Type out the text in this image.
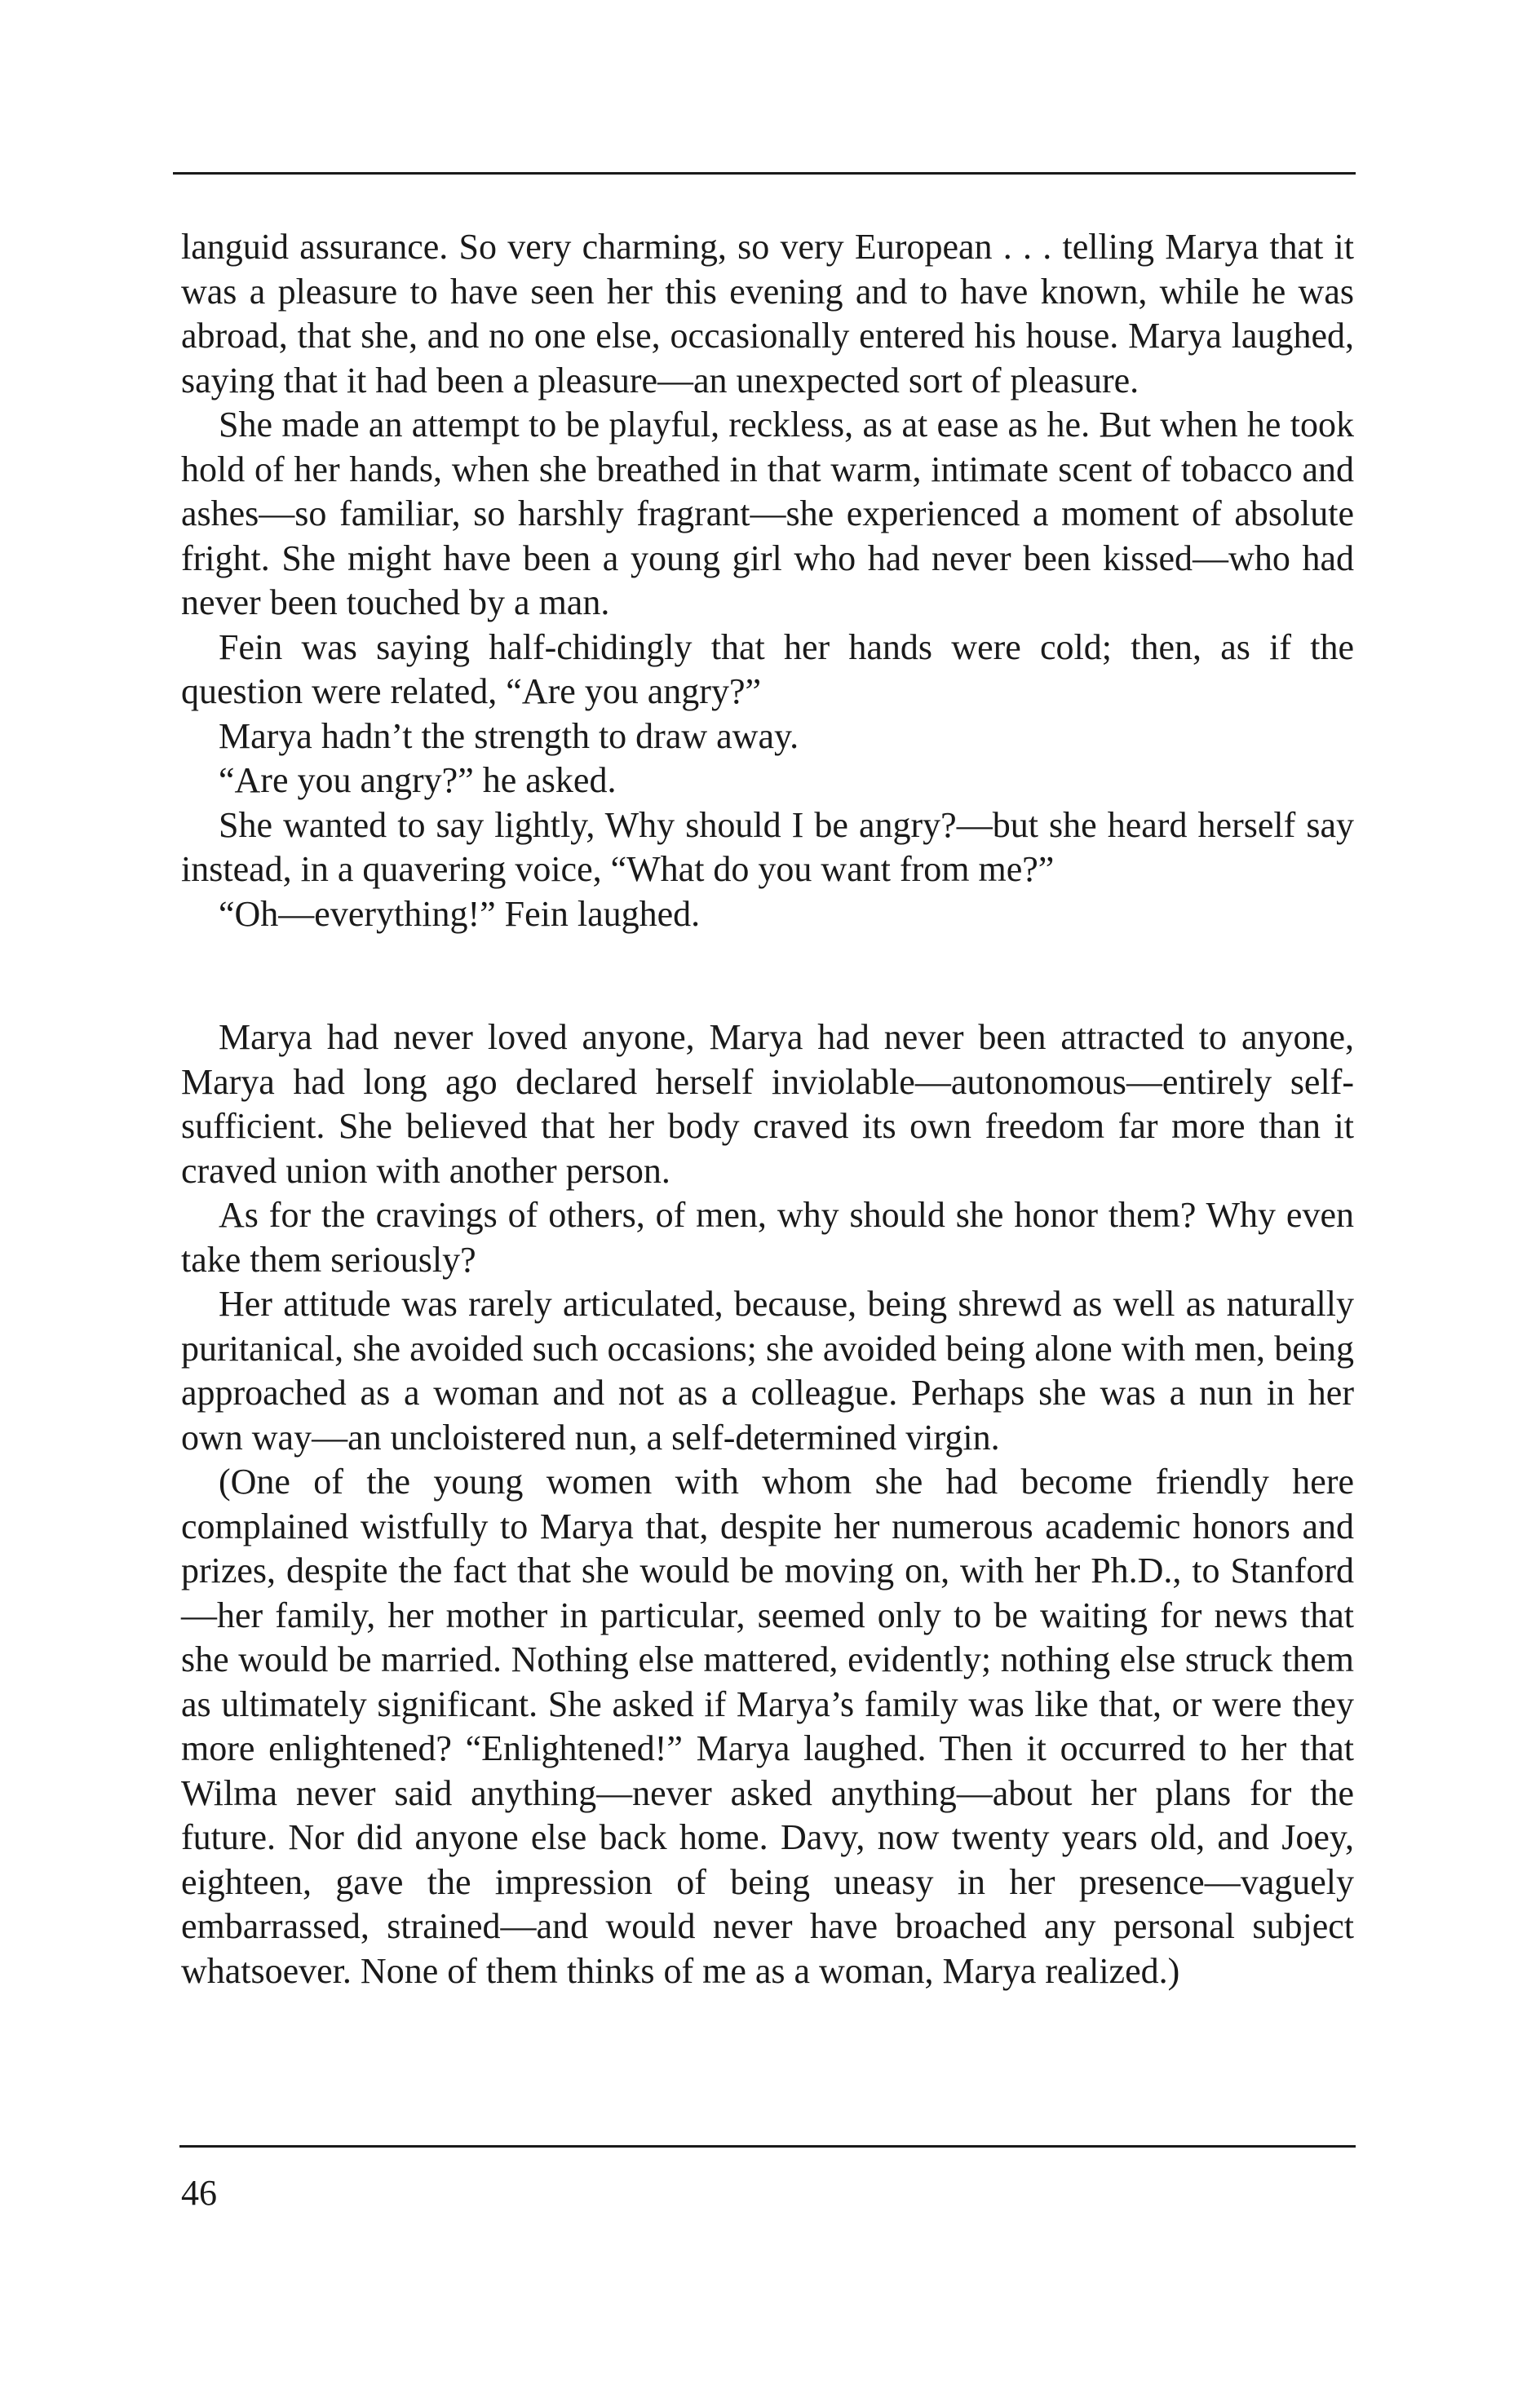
languid assurance. So very charming, so very European . . . telling Marya that it was a pleasure to have seen her this evening and to have known, while he was abroad, that she, and no one else, occasionally entered his house. Marya laughed, saying that it had been a pleasure—an unexpected sort of pleasure.

She made an attempt to be playful, reckless, as at ease as he. But when he took hold of her hands, when she breathed in that warm, intimate scent of tobacco and ashes—so familiar, so harshly fragrant—she experienced a moment of absolute fright. She might have been a young girl who had never been kissed—who had never been touched by a man.

Fein was saying half-chidingly that her hands were cold; then, as if the question were related, “Are you angry?”

Marya hadn’t the strength to draw away.

“Are you angry?” he asked.

She wanted to say lightly, Why should I be angry?—but she heard herself say instead, in a quavering voice, “What do you want from me?”

“Oh—everything!” Fein laughed.

Marya had never loved anyone, Marya had never been attracted to anyone, Marya had long ago declared herself inviolable—autonomous—entirely self-sufficient. She believed that her body craved its own freedom far more than it craved union with another person.

As for the cravings of others, of men, why should she honor them? Why even take them seriously?

Her attitude was rarely articulated, because, being shrewd as well as naturally puritanical, she avoided such occasions; she avoided being alone with men, being approached as a woman and not as a colleague. Perhaps she was a nun in her own way—an uncloistered nun, a self-determined virgin.

(One of the young women with whom she had become friendly here complained wistfully to Marya that, despite her numerous academic honors and prizes, despite the fact that she would be moving on, with her Ph.D., to Stanford—her family, her mother in particular, seemed only to be waiting for news that she would be married. Nothing else mattered, evidently; nothing else struck them as ultimately significant. She asked if Marya’s family was like that, or were they more enlightened? “Enlightened!” Marya laughed. Then it occurred to her that Wilma never said anything—never asked anything—about her plans for the future. Nor did anyone else back home. Davy, now twenty years old, and Joey, eighteen, gave the impression of being uneasy in her presence—vaguely embarrassed, strained—and would never have broached any personal subject whatsoever. None of them thinks of me as a woman, Marya realized.)

46
